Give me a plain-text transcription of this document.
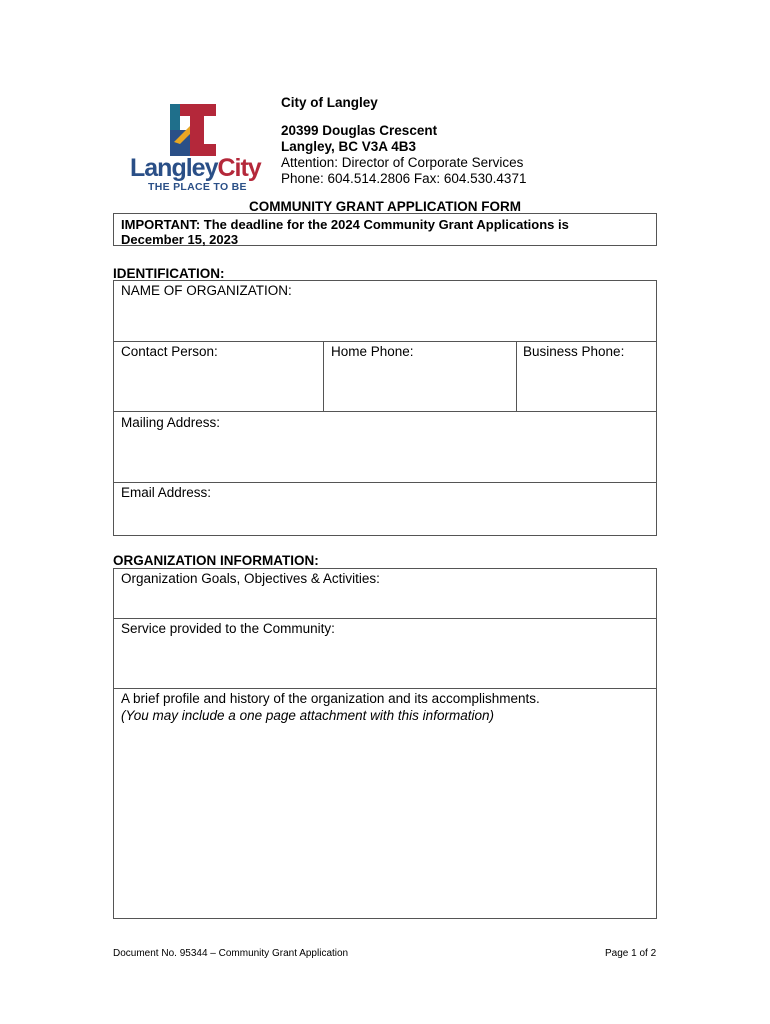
LangleyCity
THE PLACE TO BE
City of Langley
20399 Douglas Crescent
Langley, BC V3A 4B3
Attention: Director of Corporate Services
Phone: 604.514.2806 Fax: 604.530.4371
COMMUNITY GRANT APPLICATION FORM
IMPORTANT: The deadline for the 2024 Community Grant Applications is
December 15, 2023
IDENTIFICATION:
NAME OF ORGANIZATION:
Contact Person:	Home Phone:	Business Phone:
Mailing Address:
Email Address:
ORGANIZATION INFORMATION:
Organization Goals, Objectives & Activities:
Service provided to the Community:
A brief profile and history of the organization and its accomplishments.
(You may include a one page attachment with this information)
Document No. 95344 – Community Grant Application	Page 1 of 2
